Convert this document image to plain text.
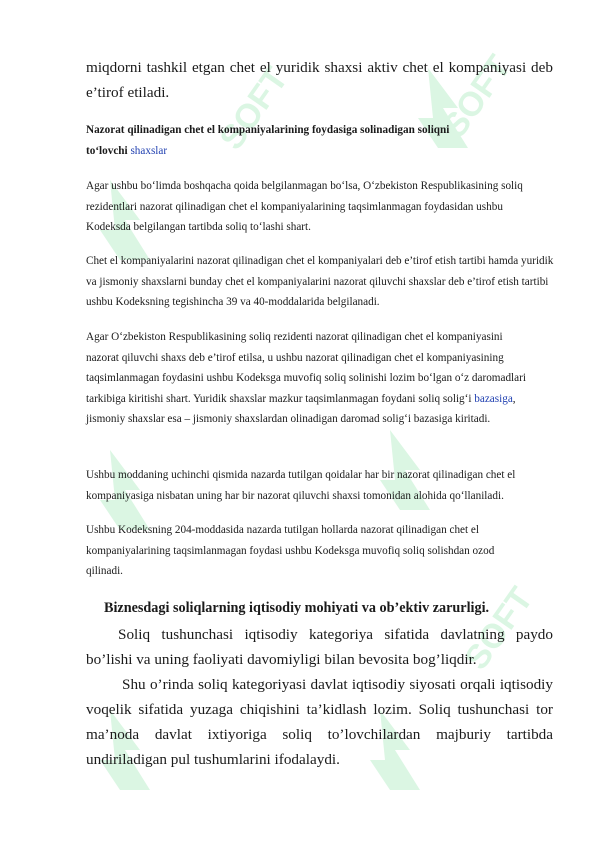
SOFT
SOFT
SOFT

miqdorni tashkil etgan chet el yuridik shaxsi aktiv chet el kompaniyasi deb e’tirof etiladi.

Nazorat qilinadigan chet el kompaniyalarining foydasiga solinadigan soliqni
to‘lovchi shaxslar

Agar ushbu bo‘limda boshqacha qoida belgilanmagan bo‘lsa, O‘zbekiston Respublikasining soliq rezidentlari nazorat qilinadigan chet el kompaniyalarining taqsimlanmagan foydasidan ushbu Kodeksda belgilangan tartibda soliq to‘lashi shart.

Chet el kompaniyalarini nazorat qilinadigan chet el kompaniyalari deb e’tirof etish tartibi hamda yuridik va jismoniy shaxslarni bunday chet el kompaniyalarini nazorat qiluvchi shaxslar deb e’tirof etish tartibi ushbu Kodeksning tegishincha 39 va 40-moddalarida belgilanadi.

Agar O‘zbekiston Respublikasining soliq rezidenti nazorat qilinadigan chet el kompaniyasini nazorat qiluvchi shaxs deb e’tirof etilsa, u ushbu nazorat qilinadigan chet el kompaniyasining taqsimlanmagan foydasini ushbu Kodeksga muvofiq soliq solinishi lozim bo‘lgan o‘z daromadlari tarkibiga kiritishi shart. Yuridik shaxslar mazkur taqsimlanmagan foydani soliq solig‘i bazasiga, jismoniy shaxslar esa – jismoniy shaxslardan olinadigan daromad solig‘i bazasiga kiritadi.

Ushbu moddaning uchinchi qismida nazarda tutilgan qoidalar har bir nazorat qilinadigan chet el kompaniyasiga nisbatan uning har bir nazorat qiluvchi shaxsi tomonidan alohida qo‘llaniladi.

Ushbu Kodeksning 204-moddasida nazarda tutilgan hollarda nazorat qilinadigan chet el kompaniyalarining taqsimlanmagan foydasi ushbu Kodeksga muvofiq soliq solishdan ozod qilinadi.

Biznesdagi soliqlarning iqtisodiy mohiyati va ob’ektiv zarurligi.

Soliq tushunchasi iqtisodiy kategoriya sifatida davlatning paydo bo’lishi va uning faoliyati davomiyligi bilan bevosita bog’liqdir.

Shu o’rinda soliq kategoriyasi davlat iqtisodiy siyosati orqali iqtisodiy voqelik sifatida yuzaga chiqishini ta’kidlash lozim. Soliq tushunchasi tor ma’noda davlat ixtiyoriga soliq to’lovchilardan majburiy tartibda undiriladigan pul tushumlarini ifodalaydi.
